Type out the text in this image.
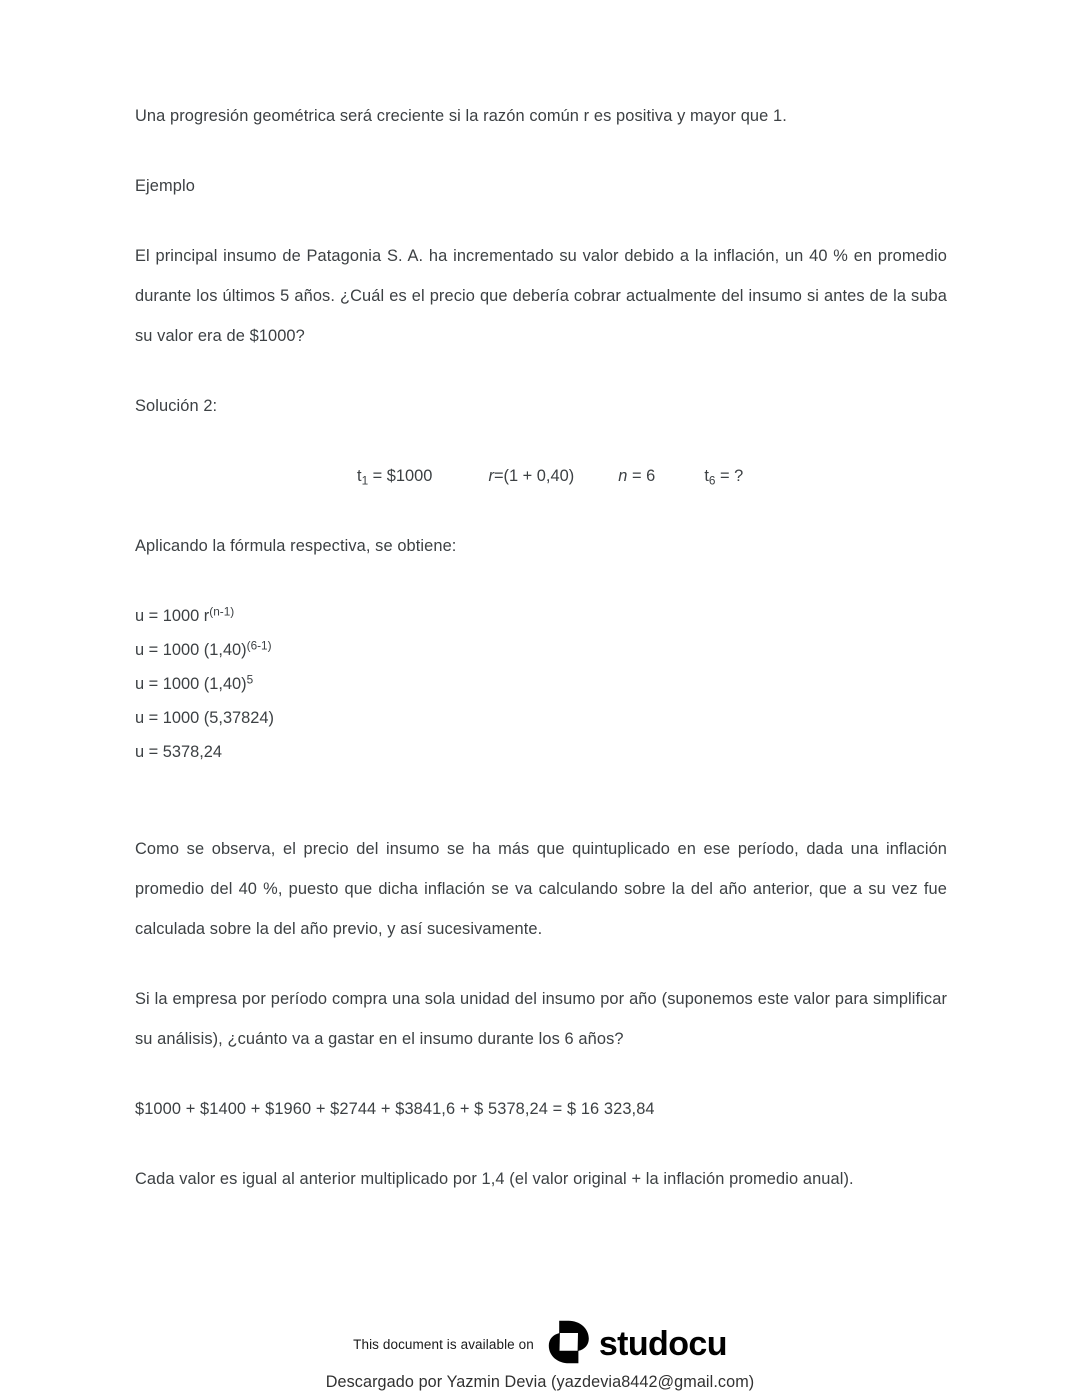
Una progresión geométrica será creciente si la razón común r es positiva y mayor que 1.

Ejemplo

El principal insumo de Patagonia S. A. ha incrementado su valor debido a la inflación, un 40 % en promedio durante los últimos 5 años. ¿Cuál es el precio que debería cobrar actualmente del insumo si antes de la suba su valor era de $1000?

Solución 2:

$t_1$ = $1000	r=(1 + 0,40)	n = 6	$t_6$ = ?

Aplicando la fórmula respectiva, se obtiene:

u = 1000 $r^{(n-1)}$

u = 1000 $(1,40)^{(6-1)}$

u = 1000 $(1,40)^5$

u = 1000 (5,37824)

u = 5378,24

Como se observa, el precio del insumo se ha más que quintuplicado en ese período, dada una inflación promedio del 40 %, puesto que dicha inflación se va calculando sobre la del año anterior, que a su vez fue calculada sobre la del año previo, y así sucesivamente.

Si la empresa por período compra una sola unidad del insumo por año (suponemos este valor para simplificar su análisis), ¿cuánto va a gastar en el insumo durante los 6 años?

$1000 + $1400 + $1960 + $2744 + $3841,6 + $ 5378,24 = $ 16 323,84

Cada valor es igual al anterior multiplicado por 1,4 (el valor original + la inflación promedio anual).

This document is available on studocu
Descargado por Yazmin Devia (yazdevia8442@gmail.com)
